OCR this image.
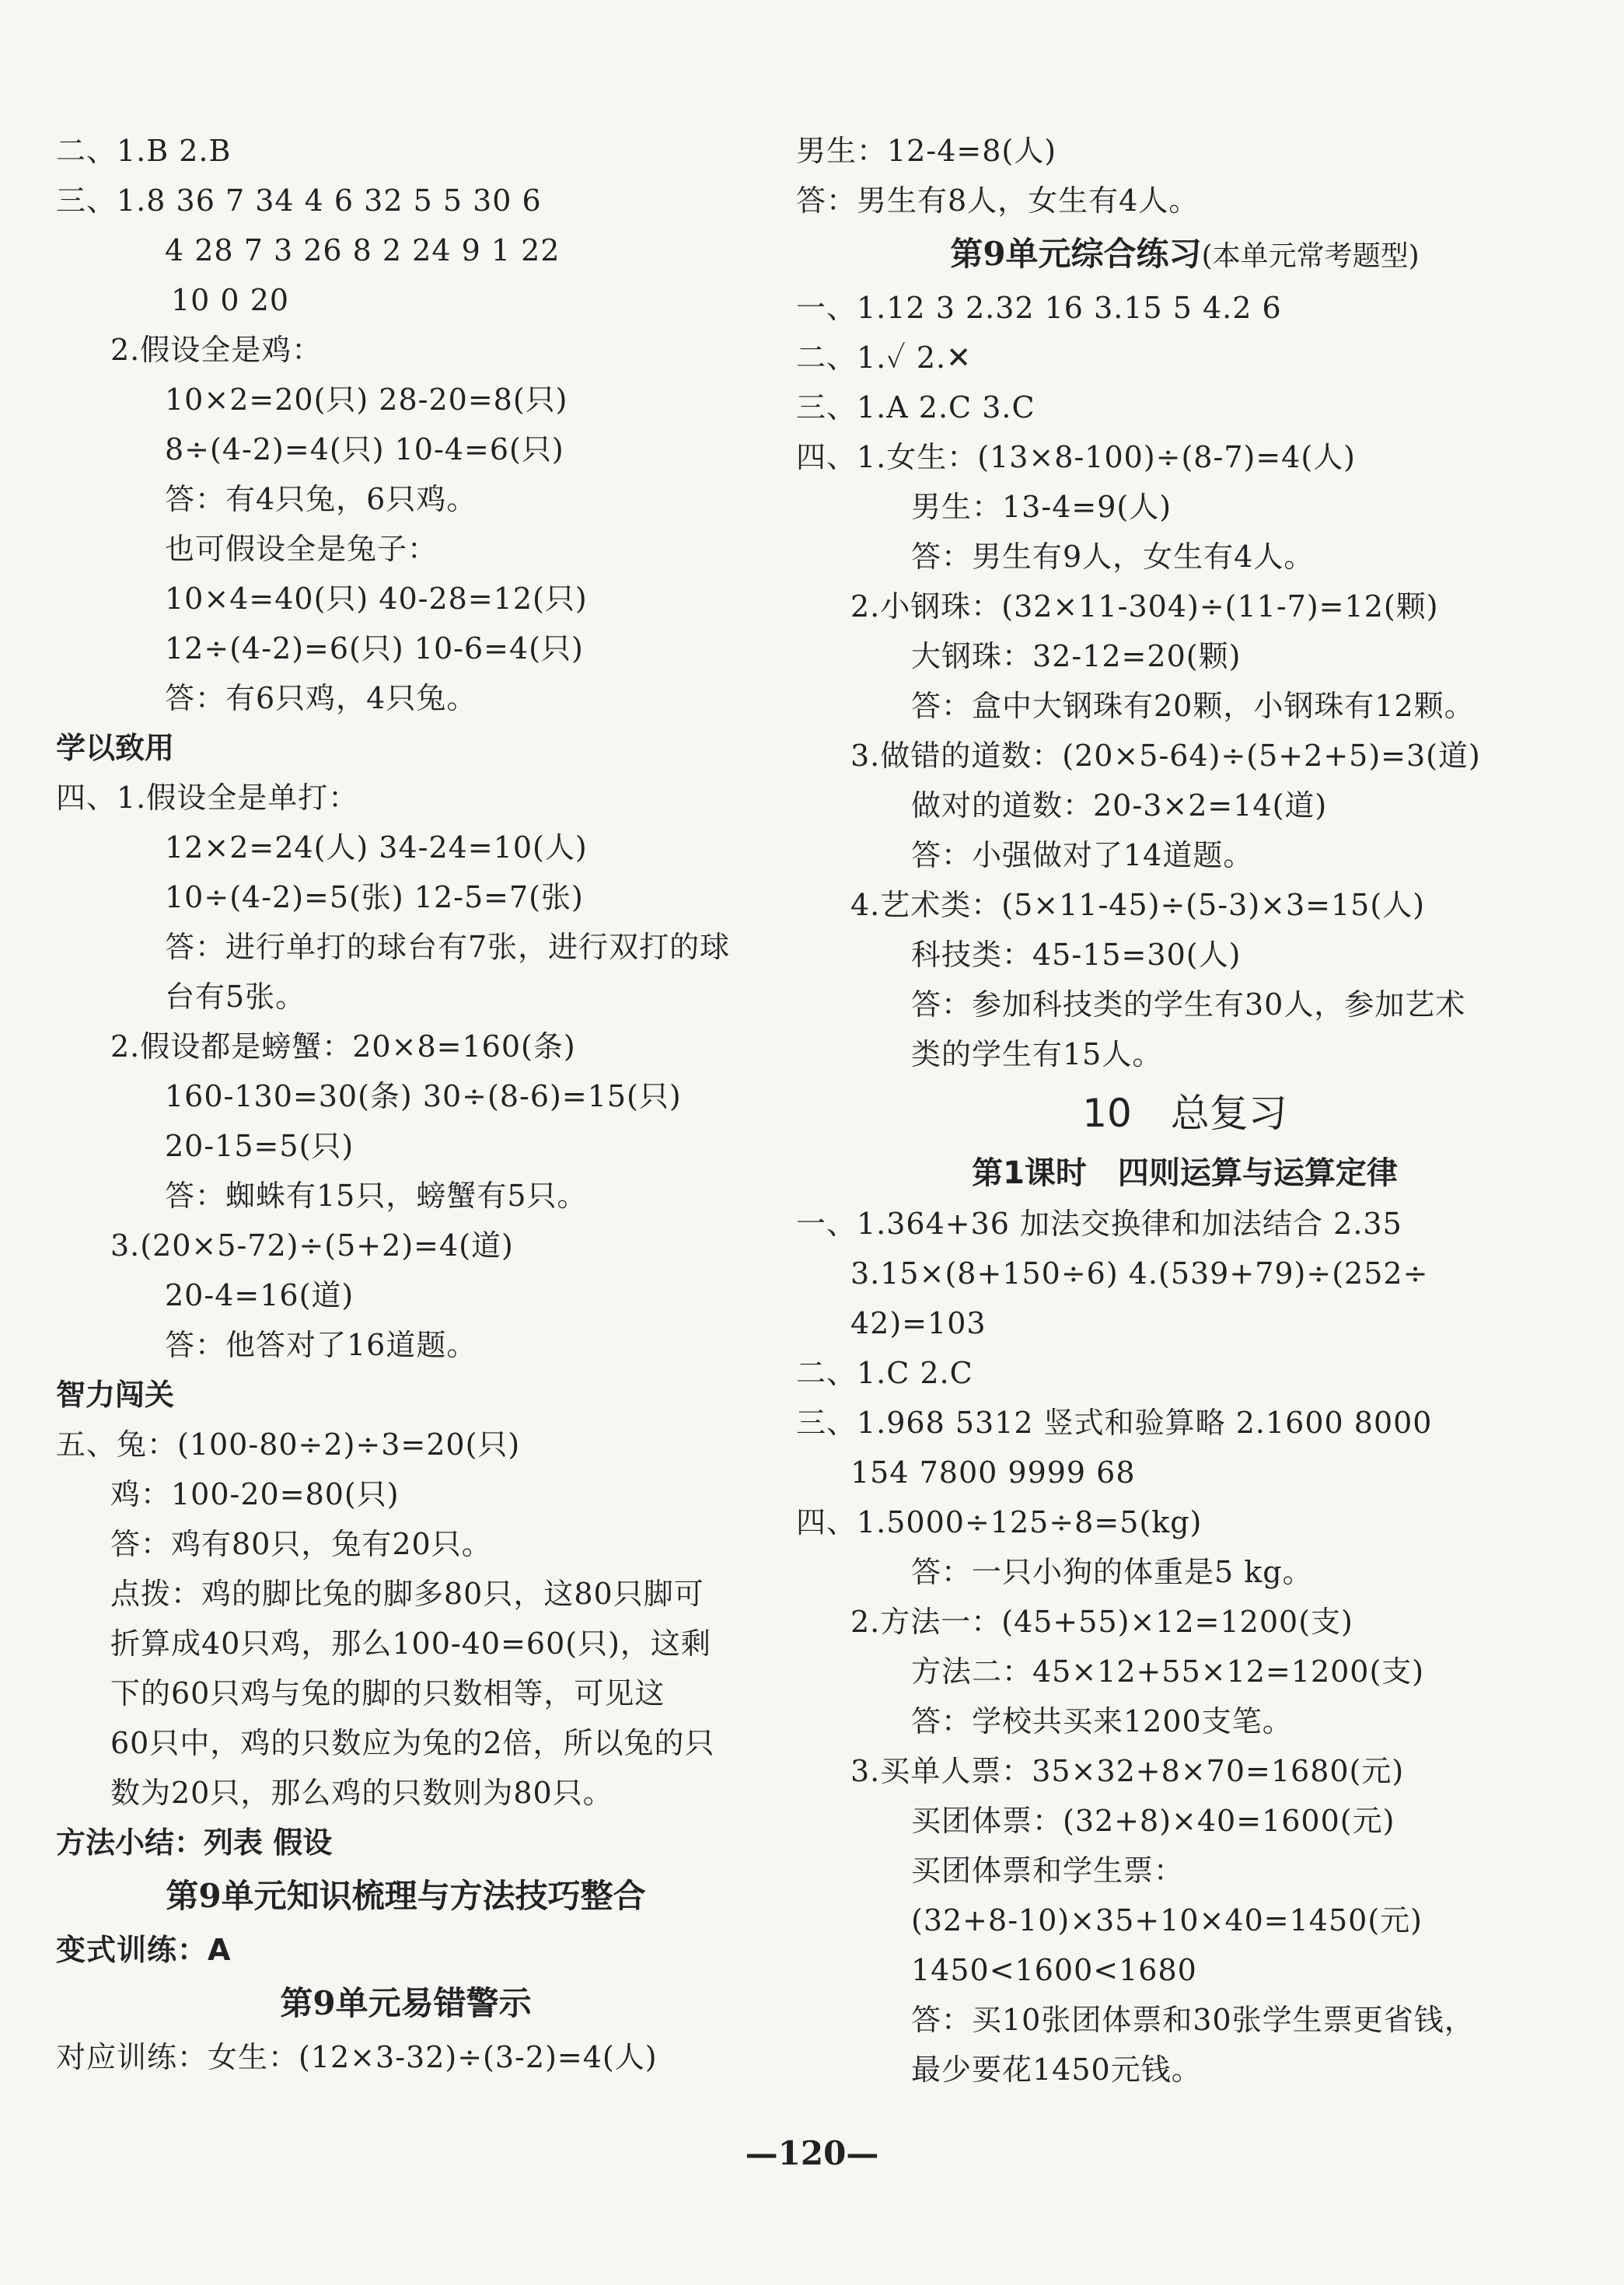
二、1.B 2.B
三、1.8 36 7 34 4 6 32 5 5 30 6
4 28 7 3 26 8 2 24 9 1 22
10 0 20
2.假设全是鸡：
10×2=20(只) 28-20=8(只)
8÷(4-2)=4(只) 10-4=6(只)
答：有4只兔，6只鸡。
也可假设全是兔子：
10×4=40(只) 40-28=12(只)
12÷(4-2)=6(只) 10-6=4(只)
答：有6只鸡，4只兔。
学以致用
四、1.假设全是单打：
12×2=24(人) 34-24=10(人)
10÷(4-2)=5(张) 12-5=7(张)
答：进行单打的球台有7张，进行双打的球
台有5张。
2.假设都是螃蟹：20×8=160(条)
160-130=30(条) 30÷(8-6)=15(只)
20-15=5(只)
答：蜘蛛有15只，螃蟹有5只。
3.(20×5-72)÷(5+2)=4(道)
20-4=16(道)
答：他答对了16道题。
智力闯关
五、兔：(100-80÷2)÷3=20(只)
鸡：100-20=80(只)
答：鸡有80只，兔有20只。
点拨：鸡的脚比兔的脚多80只，这80只脚可
折算成40只鸡，那么100-40=60(只)，这剩
下的60只鸡与兔的脚的只数相等，可见这
60只中，鸡的只数应为兔的2倍，所以兔的只
数为20只，那么鸡的只数则为80只。
方法小结：列表 假设
第9单元知识梳理与方法技巧整合
变式训练：A
第9单元易错警示
对应训练：女生：(12×3-32)÷(3-2)=4(人)
男生：12-4=8(人)
答：男生有8人，女生有4人。
第9单元综合练习(本单元常考题型)
一、1.12 3 2.32 16 3.15 5 4.2 6
二、1.✓ 2.✕
三、1.A 2.C 3.C
四、1.女生：(13×8-100)÷(8-7)=4(人)
男生：13-4=9(人)
答：男生有9人，女生有4人。
2.小钢珠：(32×11-304)÷(11-7)=12(颗)
大钢珠：32-12=20(颗)
答：盒中大钢珠有20颗，小钢珠有12颗。
3.做错的道数：(20×5-64)÷(5+2+5)=3(道)
做对的道数：20-3×2=14(道)
答：小强做对了14道题。
4.艺术类：(5×11-45)÷(5-3)×3=15(人)
科技类：45-15=30(人)
答：参加科技类的学生有30人，参加艺术
类的学生有15人。
10　总复习
第1课时　四则运算与运算定律
一、1.364+36 加法交换律和加法结合 2.35
3.15×(8+150÷6) 4.(539+79)÷(252÷
42)=103
二、1.C 2.C
三、1.968 5312 竖式和验算略 2.1600 8000
154 7800 9999 68
四、1.5000÷125÷8=5(kg)
答：一只小狗的体重是5 kg。
2.方法一：(45+55)×12=1200(支)
方法二：45×12+55×12=1200(支)
答：学校共买来1200支笔。
3.买单人票：35×32+8×70=1680(元)
买团体票：(32+8)×40=1600(元)
买团体票和学生票：
(32+8-10)×35+10×40=1450(元)
1450<1600<1680
答：买10张团体票和30张学生票更省钱，
最少要花1450元钱。
—120—
